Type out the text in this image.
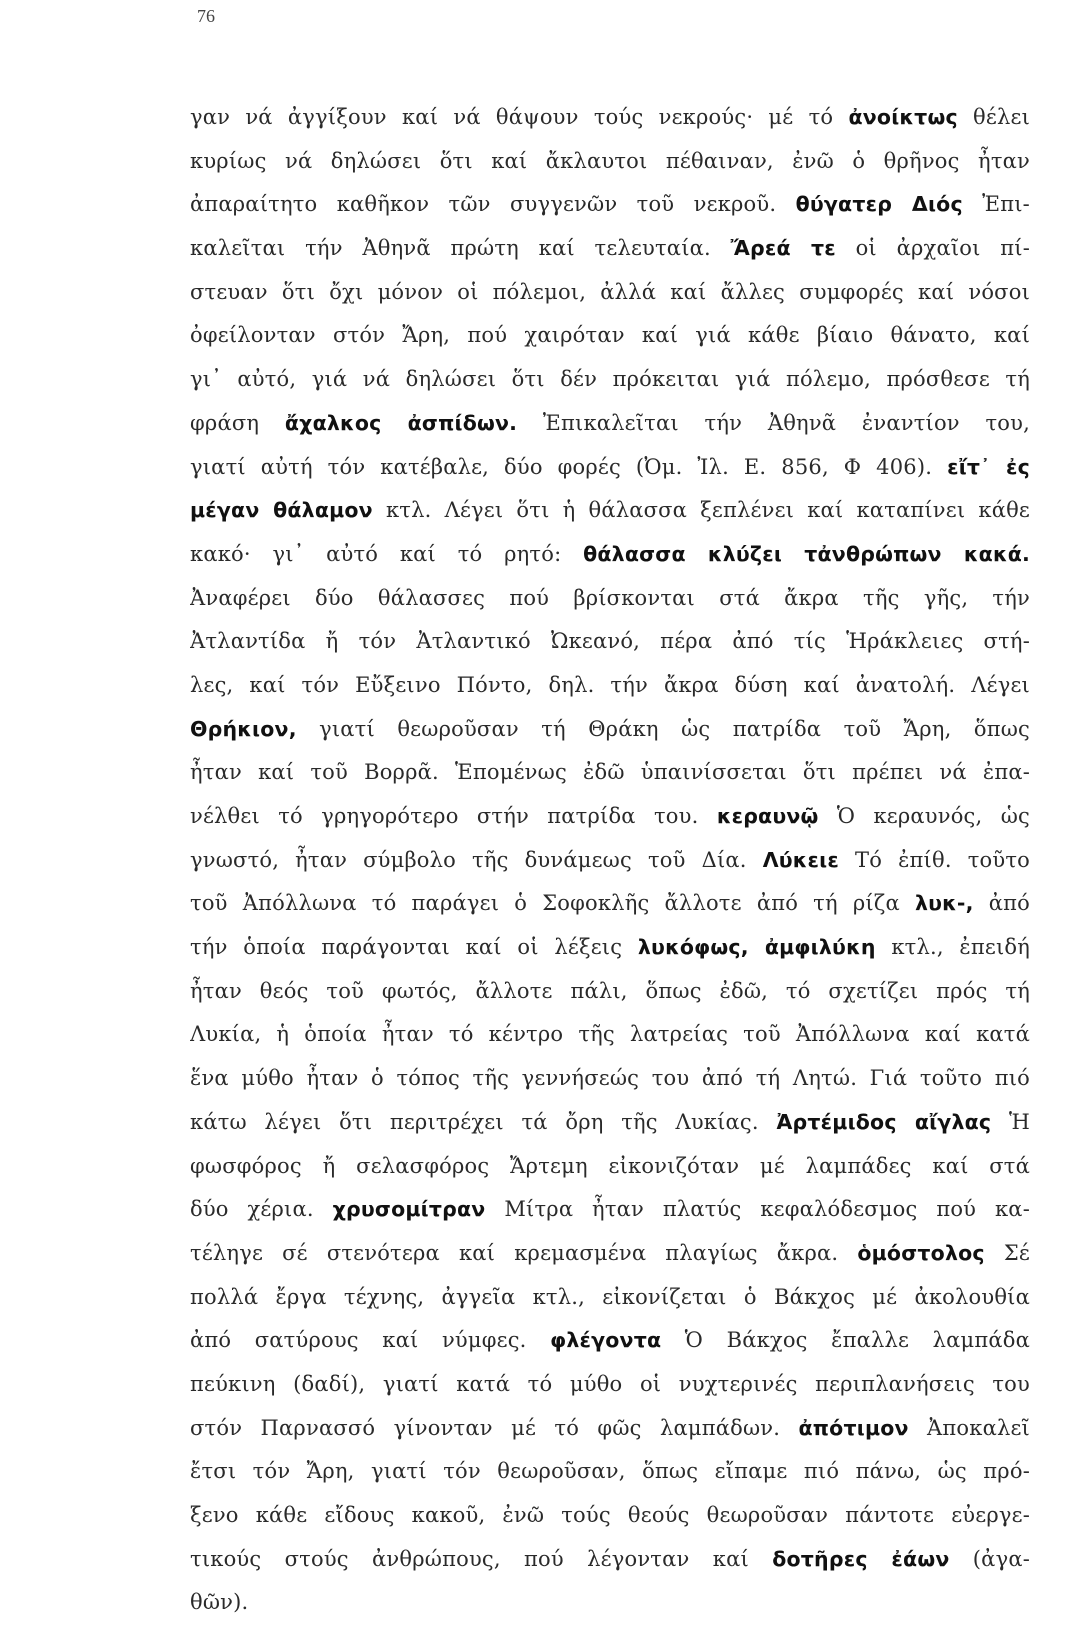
76
γαν νά ἀγγίξουν καί νά θάψουν τούς νεκρούς· μέ τό ἀνοίκτως θέλει
κυρίως νά δηλώσει ὅτι καί ἄκλαυτοι πέθαιναν, ἐνῶ ὁ θρῆνος ἦταν
ἀπαραίτητο καθῆκον τῶν συγγενῶν τοῦ νεκροῦ. θύγατερ Διός Ἐπι-
καλεῖται τήν Ἀθηνᾶ πρώτη καί τελευταία. Ἄρεά τε οἱ ἀρχαῖοι πί-
στευαν ὅτι ὄχι μόνον οἱ πόλεμοι, ἀλλά καί ἄλλες συμφορές καί νόσοι
ὀφείλονταν στόν Ἄρη, πού χαιρόταν καί γιά κάθε βίαιο θάνατο, καί
γι᾿ αὐτό, γιά νά δηλώσει ὅτι δέν πρόκειται γιά πόλεμο, πρόσθεσε τή
φράση ἄχαλκος ἀσπίδων. Ἐπικαλεῖται τήν Ἀθηνᾶ ἐναντίον του,
γιατί αὐτή τόν κατέβαλε, δύο φορές (Ὀμ. Ἰλ. Ε. 856, Φ 406). εἴτ᾿ ἐς
μέγαν θάλαμον κτλ. Λέγει ὅτι ἡ θάλασσα ξεπλένει καί καταπίνει κάθε
κακό· γι᾿ αὐτό καί τό ρητό: θάλασσα κλύζει τἀνθρώπων κακά.
Ἀναφέρει δύο θάλασσες πού βρίσκονται στά ἄκρα τῆς γῆς, τήν
Ἀτλαντίδα ἤ τόν Ἀτλαντικό Ὠκεανό, πέρα ἀπό τίς Ἡράκλειες στή-
λες, καί τόν Εὔξεινο Πόντο, δηλ. τήν ἄκρα δύση καί ἀνατολή. Λέγει
Θρήκιον, γιατί θεωροῦσαν τή Θράκη ὡς πατρίδα τοῦ Ἄρη, ὅπως
ἦταν καί τοῦ Βορρᾶ. Ἑπομένως ἐδῶ ὑπαινίσσεται ὅτι πρέπει νά ἐπα-
νέλθει τό γρηγορότερο στήν πατρίδα του. κεραυνῷ Ὁ κεραυνός, ὡς
γνωστό, ἦταν σύμβολο τῆς δυνάμεως τοῦ Δία. Λύκειε Τό ἐπίθ. τοῦτο
τοῦ Ἀπόλλωνα τό παράγει ὁ Σοφοκλῆς ἄλλοτε ἀπό τή ρίζα λυκ-, ἀπό
τήν ὁποία παράγονται καί οἱ λέξεις λυκόφως, ἀμφιλύκη κτλ., ἐπειδή
ἦταν θεός τοῦ φωτός, ἄλλοτε πάλι, ὅπως ἐδῶ, τό σχετίζει πρός τή
Λυκία, ἡ ὁποία ἦταν τό κέντρο τῆς λατρείας τοῦ Ἀπόλλωνα καί κατά
ἕνα μύθο ἦταν ὁ τόπος τῆς γεννήσεώς του ἀπό τή Λητώ. Γιά τοῦτο πιό
κάτω λέγει ὅτι περιτρέχει τά ὄρη τῆς Λυκίας. Ἀρτέμιδος αἴγλας Ἡ
φωσφόρος ἤ σελασφόρος Ἄρτεμη εἰκονιζόταν μέ λαμπάδες καί στά
δύο χέρια. χρυσομίτραν Μίτρα ἦταν πλατύς κεφαλόδεσμος πού κα-
τέληγε σέ στενότερα καί κρεμασμένα πλαγίως ἄκρα. ὁμόστολος Σέ
πολλά ἔργα τέχνης, ἀγγεῖα κτλ., εἰκονίζεται ὁ Βάκχος μέ ἀκολουθία
ἀπό σατύρους καί νύμφες. φλέγοντα Ὁ Βάκχος ἔπαλλε λαμπάδα
πεύκινη (δαδί), γιατί κατά τό μύθο οἱ νυχτερινές περιπλανήσεις του
στόν Παρνασσό γίνονταν μέ τό φῶς λαμπάδων. ἀπότιμον Ἀποκαλεῖ
ἔτσι τόν Ἄρη, γιατί τόν θεωροῦσαν, ὅπως εἴπαμε πιό πάνω, ὡς πρό-
ξενο κάθε εἴδους κακοῦ, ἐνῶ τούς θεούς θεωροῦσαν πάντοτε εὐεργε-
τικούς στούς ἀνθρώπους, πού λέγονταν καί δοτῆρες ἐάων (ἀγα-
θῶν).
